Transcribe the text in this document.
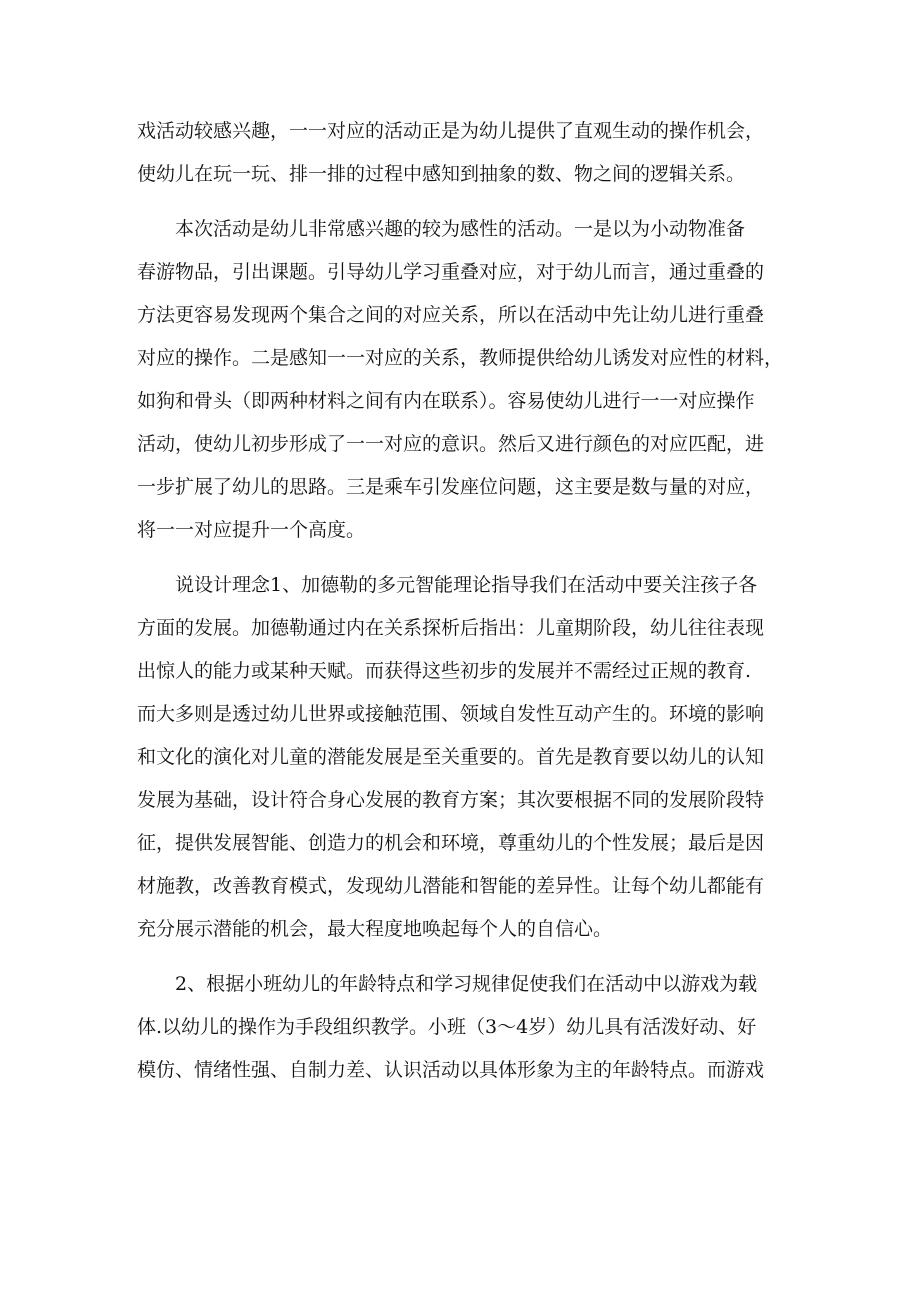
戏活动较感兴趣，一一对应的活动正是为幼儿提供了直观生动的操作机会，
使幼儿在玩一玩、排一排的过程中感知到抽象的数、物之间的逻辑关系。
本次活动是幼儿非常感兴趣的较为感性的活动。一是以为小动物准备
春游物品，引出课题。引导幼儿学习重叠对应，对于幼儿而言，通过重叠的
方法更容易发现两个集合之间的对应关系，所以在活动中先让幼儿进行重叠
对应的操作。二是感知一一对应的关系，教师提供给幼儿诱发对应性的材料，
如狗和骨头（即两种材料之间有内在联系）。容易使幼儿进行一一对应操作
活动，使幼儿初步形成了一一对应的意识。然后又进行颜色的对应匹配，进
一步扩展了幼儿的思路。三是乘车引发座位问题，这主要是数与量的对应，
将一一对应提升一个高度。
说设计理念1、加德勒的多元智能理论指导我们在活动中要关注孩子各
方面的发展。加德勒通过内在关系探析后指出：儿童期阶段，幼儿往往表现
出惊人的能力或某种天赋。而获得这些初步的发展并不需经过正规的教育.
而大多则是透过幼儿世界或接触范围、领域自发性互动产生的。环境的影响
和文化的演化对儿童的潜能发展是至关重要的。首先是教育要以幼儿的认知
发展为基础，设计符合身心发展的教育方案；其次要根据不同的发展阶段特
征，提供发展智能、创造力的机会和环境，尊重幼儿的个性发展；最后是因
材施教，改善教育模式，发现幼儿潜能和智能的差异性。让每个幼儿都能有
充分展示潜能的机会，最大程度地唤起每个人的自信心。
2、根据小班幼儿的年龄特点和学习规律促使我们在活动中以游戏为载
体.以幼儿的操作为手段组织教学。小班（3～4岁）幼儿具有活泼好动、好
模仿、情绪性强、自制力差、认识活动以具体形象为主的年龄特点。而游戏
